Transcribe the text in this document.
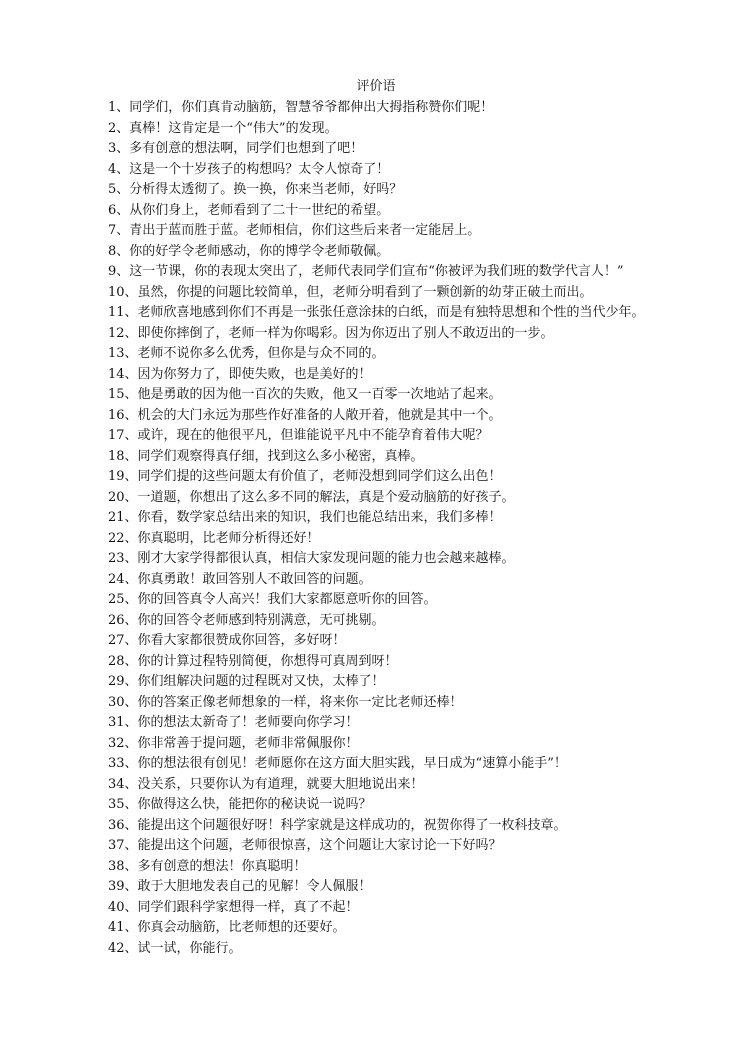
评价语
1、同学们，你们真肯动脑筋，智慧爷爷都伸出大拇指称赞你们呢！
2、真棒！这肯定是一个“伟大”的发现。
3、多有创意的想法啊，同学们也想到了吧！
4、这是一个十岁孩子的构想吗？太令人惊奇了！
5、分析得太透彻了。换一换，你来当老师，好吗？
6、从你们身上，老师看到了二十一世纪的希望。
7、青出于蓝而胜于蓝。老师相信，你们这些后来者一定能居上。
8、你的好学令老师感动，你的博学令老师敬佩。
9、这一节课，你的表现太突出了，老师代表同学们宣布“你被评为我们班的数学代言人！”
10、虽然，你提的问题比较简单，但，老师分明看到了一颗创新的幼芽正破土而出。
11、老师欣喜地感到你们不再是一张张任意涂抹的白纸，而是有独特思想和个性的当代少年。
12、即使你摔倒了，老师一样为你喝彩。因为你迈出了别人不敢迈出的一步。
13、老师不说你多么优秀，但你是与众不同的。
14、因为你努力了，即使失败，也是美好的！
15、他是勇敢的因为他一百次的失败，他又一百零一次地站了起来。
16、机会的大门永远为那些作好准备的人敞开着，他就是其中一个。
17、或许，现在的他很平凡，但谁能说平凡中不能孕育着伟大呢？
18、同学们观察得真仔细，找到这么多小秘密，真棒。
19、同学们提的这些问题太有价值了，老师没想到同学们这么出色！
20、一道题，你想出了这么多不同的解法，真是个爱动脑筋的好孩子。
21、你看，数学家总结出来的知识，我们也能总结出来，我们多棒！
22、你真聪明，比老师分析得还好！
23、刚才大家学得都很认真，相信大家发现问题的能力也会越来越棒。
24、你真勇敢！敢回答别人不敢回答的问题。
25、你的回答真令人高兴！我们大家都愿意听你的回答。
26、你的回答令老师感到特别满意，无可挑剔。
27、你看大家都很赞成你回答，多好呀！
28、你的计算过程特别简便，你想得可真周到呀！
29、你们组解决问题的过程既对又快，太棒了！
30、你的答案正像老师想象的一样，将来你一定比老师还棒！
31、你的想法太新奇了！老师要向你学习！
32、你非常善于提问题，老师非常佩服你！
33、你的想法很有创见！老师愿你在这方面大胆实践，早日成为“速算小能手”！
34、没关系，只要你认为有道理，就要大胆地说出来！
35、你做得这么快，能把你的秘诀说一说吗？
36、能提出这个问题很好呀！科学家就是这样成功的，祝贺你得了一枚科技章。
37、能提出这个问题，老师很惊喜，这个问题让大家讨论一下好吗？
38、多有创意的想法！你真聪明！
39、敢于大胆地发表自己的见解！令人佩服！
40、同学们跟科学家想得一样，真了不起！
41、你真会动脑筋，比老师想的还要好。
42、试一试，你能行。
